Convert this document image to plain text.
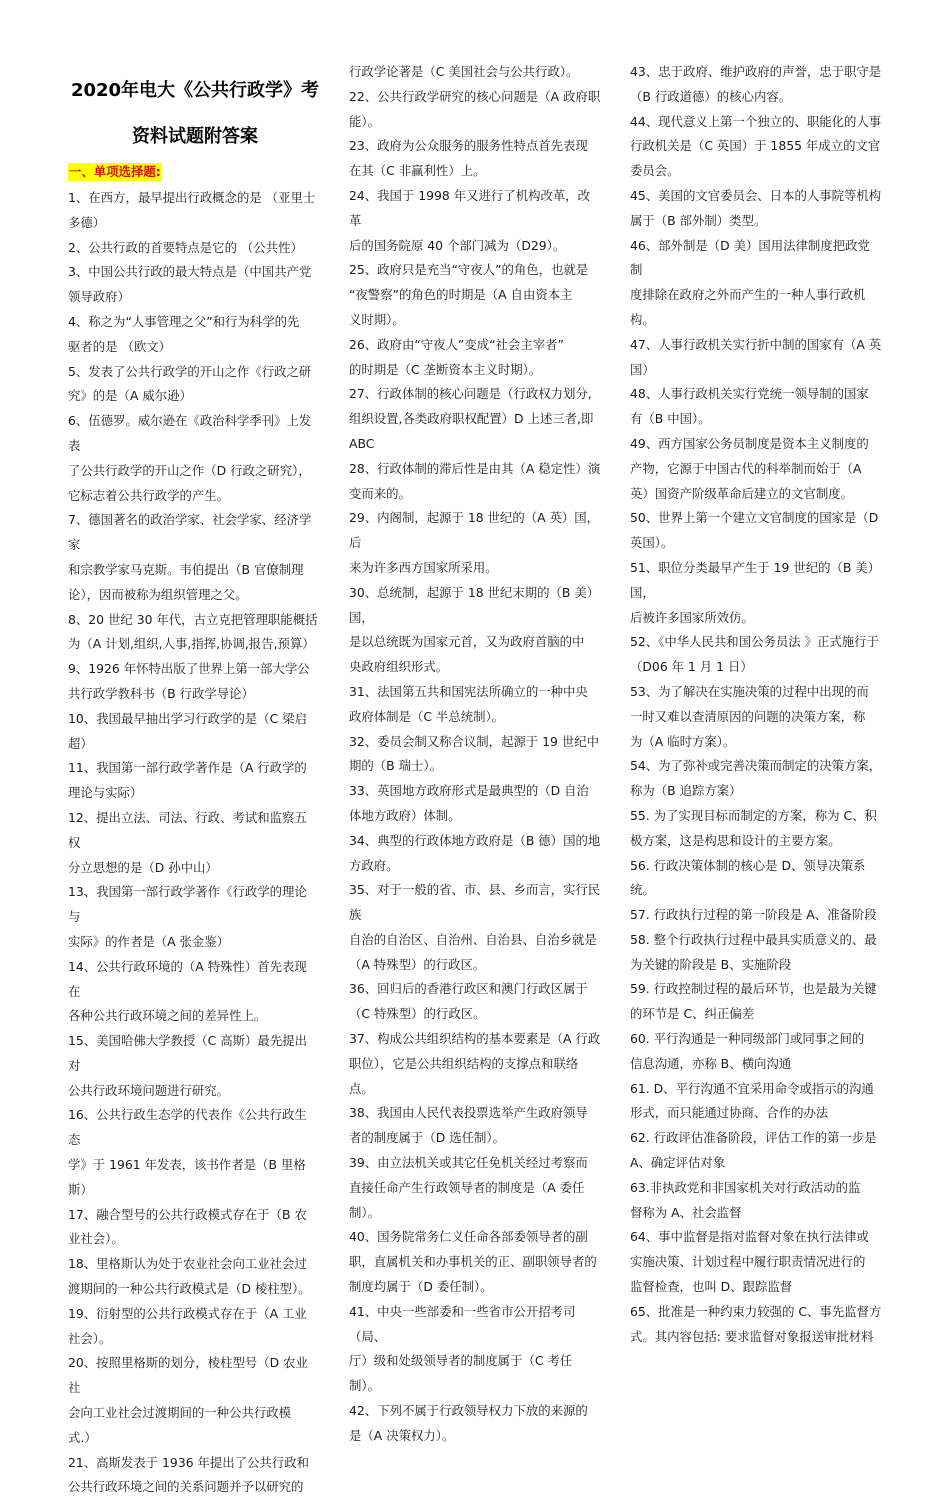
2020年电大《公共行政学》考
资料试题附答案
一、单项选择题:

1、在西方，最早提出行政概念的是 （亚里士
多德）

2、公共行政的首要特点是它的 （公共性）

3、中国公共行政的最大特点是（中国共产党
领导政府）

4、称之为“人事管理之父”和行为科学的先
驱者的是 （欧文）

5、发表了公共行政学的开山之作《行政之研
究》的是（A 威尔逊）

6、伍德罗。威尔逊在《政治科学季刊》上发表
了公共行政学的开山之作（D 行政之研究），
它标志着公共行政学的产生。

7、德国著名的政治学家、社会学家、经济学家
和宗教学家马克斯。韦伯提出（B 官僚制理
论），因而被称为组织管理之父。

8、20 世纪 30 年代，古立克把管理职能概括
为（A 计划,组织,人事,指挥,协调,报告,预算）

9、1926 年怀特出版了世界上第一部大学公
共行政学教科书（B 行政学导论）

10、我国最早抽出学习行政学的是（C 梁启
超）

11、我国第一部行政学著作是（A 行政学的
理论与实际）

12、提出立法、司法、行政、考试和监察五权
分立思想的是（D 孙中山）

13、我国第一部行政学著作《行政学的理论与
实际》的作者是（A 张金鉴）

14、公共行政环境的（A 特殊性）首先表现在
各种公共行政环境之间的差异性上。

15、美国哈佛大学教授（C 高斯）最先提出对
公共行政环境问题进行研究。

16、公共行政生态学的代表作《公共行政生态
学》于 1961 年发表，该书作者是（B 里格斯）

17、融合型号的公共行政模式存在于（B 农
业社会）。

18、里格斯认为处于农业社会向工业社会过
渡期间的一种公共行政模式是（D 棱柱型）。

19、衍射型的公共行政模式存在于（A 工业
社会）。

20、按照里格斯的划分，棱柱型号（D 农业社
会向工业社会过渡期间的一种公共行政模
式.）

21、高斯发表于 1936 年提出了公共行政和
公共行政环境之间的关系问题并予以研究的

行政学论著是（C 美国社会与公共行政）。

22、公共行政学研究的核心问题是（A 政府职
能）。

23、政府为公众服务的服务性特点首先表现
在其（C 非赢利性）上。

24、我国于 1998 年又进行了机构改革，改革
后的国务院原 40 个部门减为（D29）。

25、政府只是充当“守夜人”的角色，也就是
“夜警察”的角色的时期是（A 自由资本主
义时期）。

26、政府由“守夜人”变成“社会主宰者”
的时期是（C 垄断资本主义时期）。

27、行政体制的核心问题是（行政权力划分,
组织设置,各类政府职权配置）D 上述三者,即
ABC

28、行政体制的滞后性是由其（A 稳定性）演
变而来的。

29、内阁制，起源于 18 世纪的（A 英）国，后
来为许多西方国家所采用。

30、总统制，起源于 18 世纪末期的（B 美）国，
是以总统既为国家元首，又为政府首脑的中
央政府组织形式。

31、法国第五共和国宪法所确立的一种中央
政府体制是（C 半总统制）。

32、委员会制又称合议制，起源于 19 世纪中
期的（B 瑞士）。

33、英国地方政府形式是最典型的（D 自治
体地方政府）体制。

34、典型的行政体地方政府是（B 德）国的地
方政府。

35、对于一般的省、市、县、乡而言，实行民族
自治的自治区、自治州、自治县、自治乡就是
（A 特殊型）的行政区。

36、回归后的香港行政区和澳门行政区属于
（C 特殊型）的行政区。

37、构成公共组织结构的基本要素是（A 行政
职位），它是公共组织结构的支撑点和联络点。

38、我国由人民代表投票选举产生政府领导
者的制度属于（D 选任制）。

39、由立法机关或其它任免机关经过考察而
直接任命产生行政领导者的制度是（A 委任
制）。

40、国务院常务仁义任命各部委领导者的副
职，直属机关和办事机关的正、副职领导者的
制度均属于（D 委任制）。

41、中央一些部委和一些省市公开招考司（局、
厅）级和处级领导者的制度属于（C 考任制）。

42、下列不属于行政领导权力下放的来源的
是（A 决策权力）。

43、忠于政府、维护政府的声誉，忠于职守是
（B 行政道德）的核心内容。

44、现代意义上第一个独立的、职能化的人事
行政机关是（C 英国）于 1855 年成立的文官
委员会。

45、美国的文官委员会、日本的人事院等机构
属于（B 部外制）类型。

46、部外制是（D 美）国用法律制度把政党制
度排除在政府之外而产生的一种人事行政机
构。

47、人事行政机关实行折中制的国家有（A 英
国）

48、人事行政机关实行党统一领导制的国家
有（B 中国）。

49、西方国家公务员制度是资本主义制度的
产物，它源于中国古代的科举制而始于（A
英）国资产阶级革命后建立的文官制度。

50、世界上第一个建立文官制度的国家是（D
英国）。

51、职位分类最早产生于 19 世纪的（B 美）国，
后被许多国家所效仿。

52、《中华人民共和国公务员法 》正式施行于
（D06 年 1 月 1 日）

53、为了解决在实施决策的过程中出现的而
一时又难以查清原因的问题的决策方案，称
为（A 临时方案）。

54、为了弥补或完善决策而制定的决策方案，
称为（B 追踪方案）

55. 为了实现目标而制定的方案，称为 C、积
极方案，这是构思和设计的主要方案。

56. 行政决策体制的核心是 D、领导决策系统。

57. 行政执行过程的第一阶段是 A、准备阶段

58. 整个行政执行过程中最具实质意义的、最
为关键的阶段是 B、实施阶段

59. 行政控制过程的最后环节，也是最为关键
的环节是 C、纠正偏差

60. 平行沟通是一种同级部门或同事之间的
信息沟通，亦称 B、横向沟通

61. D、平行沟通不宜采用命令或指示的沟通
形式，而只能通过协商、合作的办法

62. 行政评估准备阶段，评估工作的第一步是
A、确定评估对象

63.非执政党和非国家机关对行政活动的监
督称为 A、社会监督

64、事中监督是指对监督对象在执行法律或
实施决策、计划过程中履行职责情况进行的
监督检查，也叫 D、跟踪监督

65、批准是一种约束力较强的 C、事先监督方
式。其内容包括: 要求监督对象报送审批材料
